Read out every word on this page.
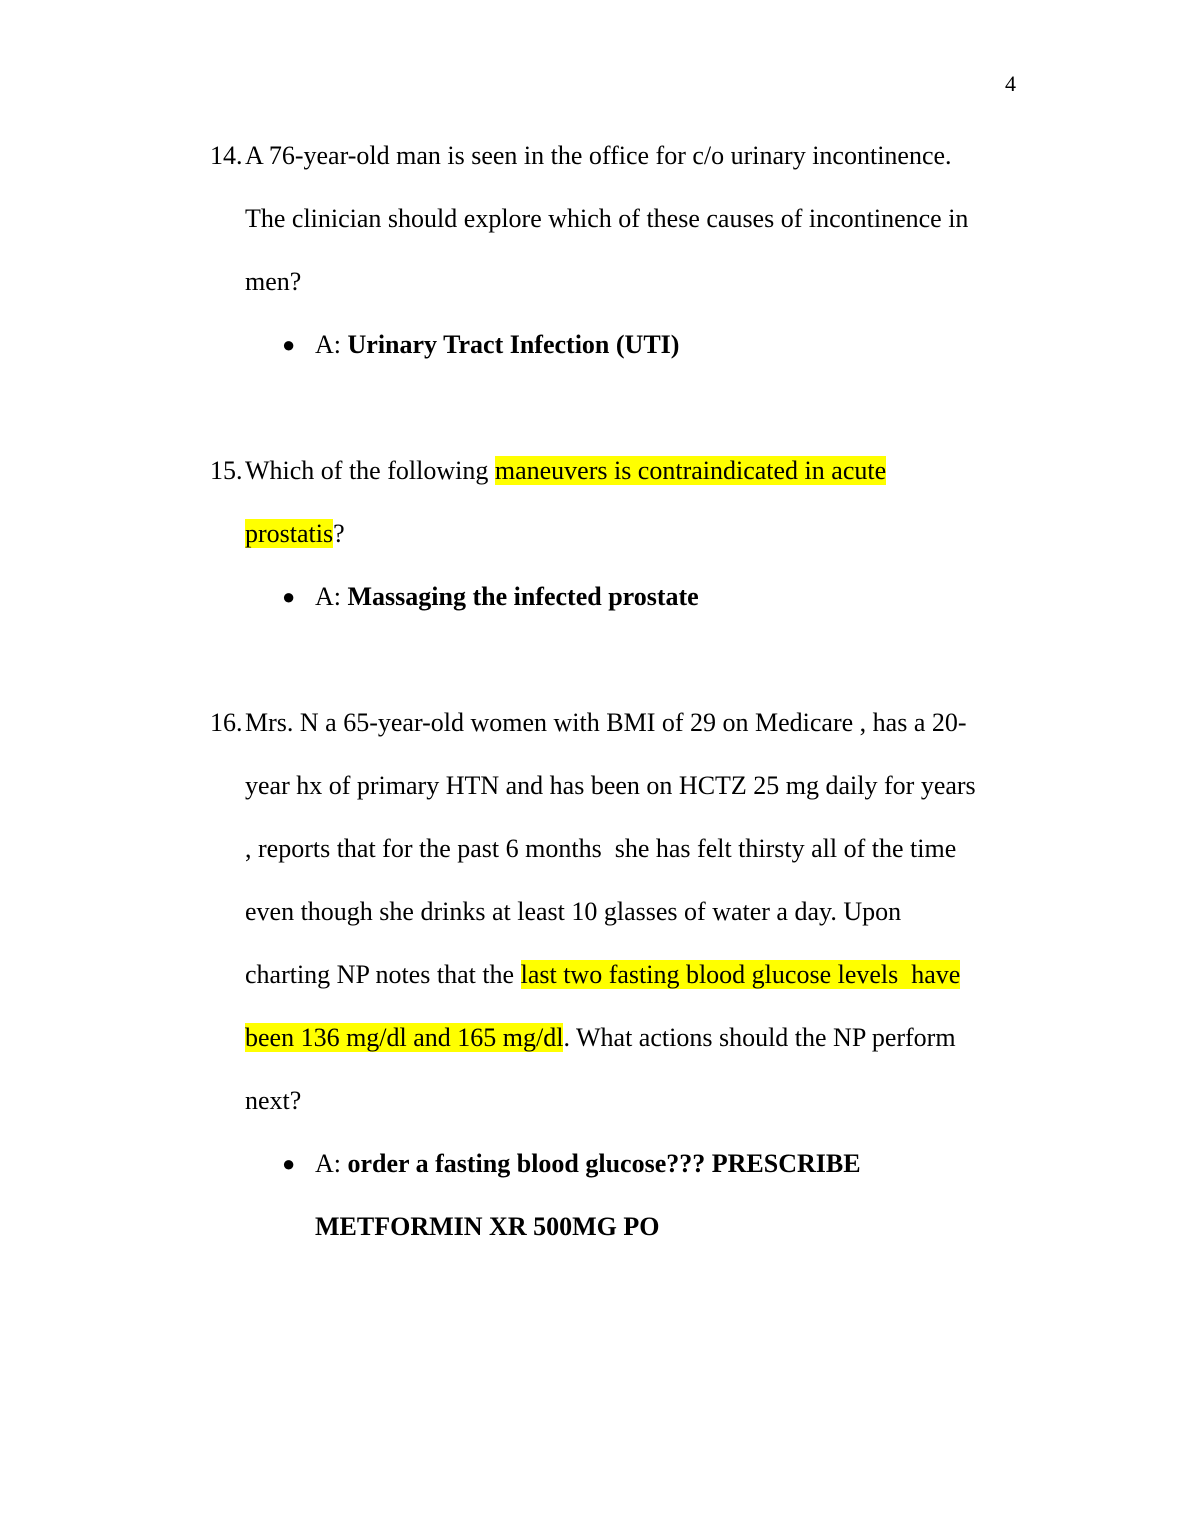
4
14. A 76-year-old man is seen in the office for c/o urinary incontinence.
The clinician should explore which of these causes of incontinence in
men?
● A: Urinary Tract Infection (UTI)
15. Which of the following maneuvers is contraindicated in acute
prostatis?
● A: Massaging the infected prostate
16. Mrs. N a 65-year-old women with BMI of 29 on Medicare , has a 20-
year hx of primary HTN and has been on HCTZ 25 mg daily for years
, reports that for the past 6 months  she has felt thirsty all of the time
even though she drinks at least 10 glasses of water a day. Upon
charting NP notes that the last two fasting blood glucose levels  have
been 136 mg/dl and 165 mg/dl. What actions should the NP perform
next?
● A: order a fasting blood glucose??? PRESCRIBE
METFORMIN XR 500MG PO
